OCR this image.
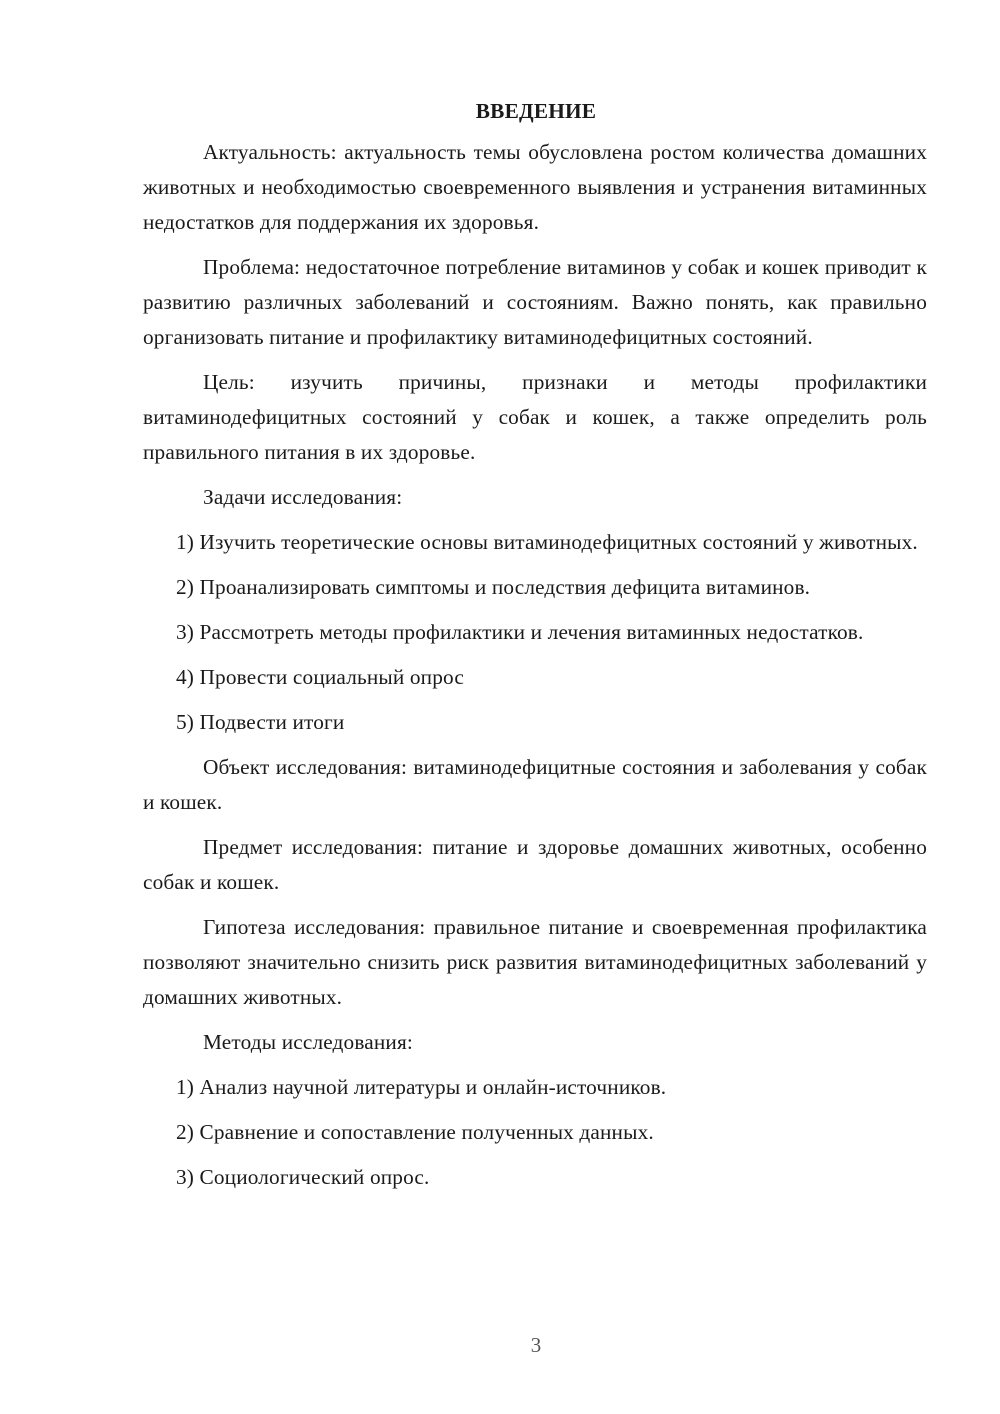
ВВЕДЕНИЕ

Актуальность: актуальность темы обусловлена ростом количества домашних животных и необходимостью своевременного выявления и устранения витаминных недостатков для поддержания их здоровья.

Проблема: недостаточное потребление витаминов у собак и кошек приводит к развитию различных заболеваний и состояниям. Важно понять, как правильно организовать питание и профилактику витаминодефицитных состояний.

Цель: изучить причины, признаки и методы профилактики витаминодефицитных состояний у собак и кошек, а также определить роль правильного питания в их здоровье.

Задачи исследования:

1) Изучить теоретические основы витаминодефицитных состояний у животных.

2) Проанализировать симптомы и последствия дефицита витаминов.

3) Рассмотреть методы профилактики и лечения витаминных недостатков.

4) Провести социальный опрос

5) Подвести итоги

Объект исследования: витаминодефицитные состояния и заболевания у собак и кошек.

Предмет исследования: питание и здоровье домашних животных, особенно собак и кошек.

Гипотеза исследования: правильное питание и своевременная профилактика позволяют значительно снизить риск развития витаминодефицитных заболеваний у домашних животных.

Методы исследования:

1) Анализ научной литературы и онлайн-источников.

2) Сравнение и сопоставление полученных данных.

3) Социологический опрос.

3
